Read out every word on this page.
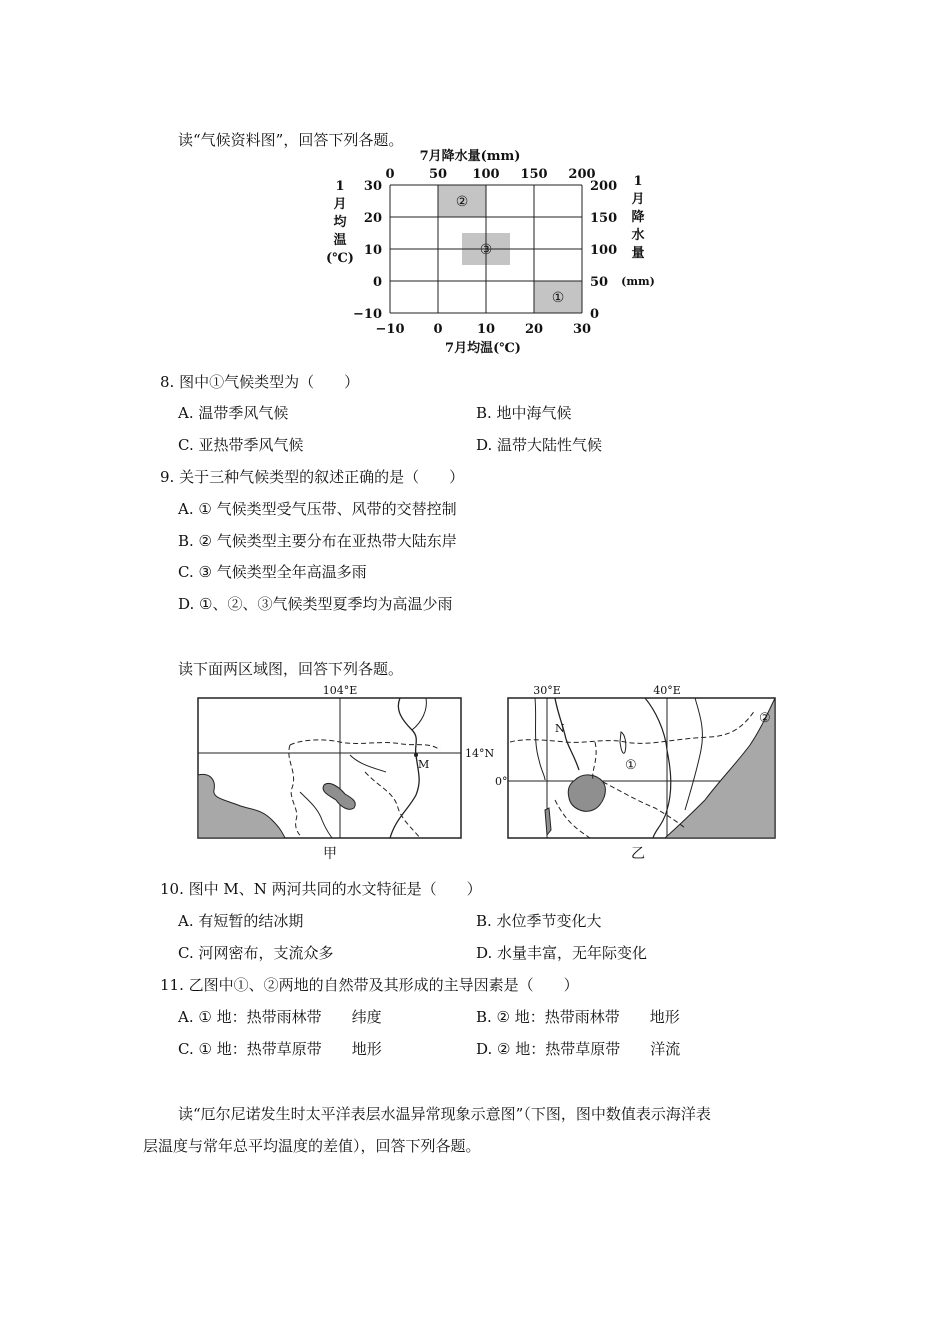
读“气候资料图”，回答下列各题。
7月降水量(mm)
0	50 100 150 200
−10 0	10 20 30
30
20
10
0
−10
200
150
100
50
0
1
月
均
温
(℃)
1
月
降
水
量
(mm)
①
②
③
7月均温(℃)
8. 图中①气候类型为（　　）
A. 温带季风气候	B. 地中海气候
C. 亚热带季风气候	D. 温带大陆性气候
9. 关于三种气候类型的叙述正确的是（　　）
A. ① 气候类型受气压带、风带的交替控制
B. ② 气候类型主要分布在亚热带大陆东岸
C. ③ 气候类型全年高温多雨
D. ①、②、③气候类型夏季均为高温少雨
读下面两区域图，回答下列各题。
104°E
14°N
M
甲
30°E	40°E
0°
N
①
②
乙
10. 图中 M、N 两河共同的水文特征是（　　）
A. 有短暂的结冰期	B. 水位季节变化大
C. 河网密布，支流众多	D. 水量丰富，无年际变化
11. 乙图中①、②两地的自然带及其形成的主导因素是（　　）
A. ① 地：热带雨林带　　纬度	B. ② 地：热带雨林带　　地形
C. ① 地：热带草原带　　地形	D. ② 地：热带草原带　　洋流
读“厄尔尼诺发生时太平洋表层水温异常现象示意图”（下图，图中数值表示海洋表
层温度与常年总平均温度的差值），回答下列各题。
